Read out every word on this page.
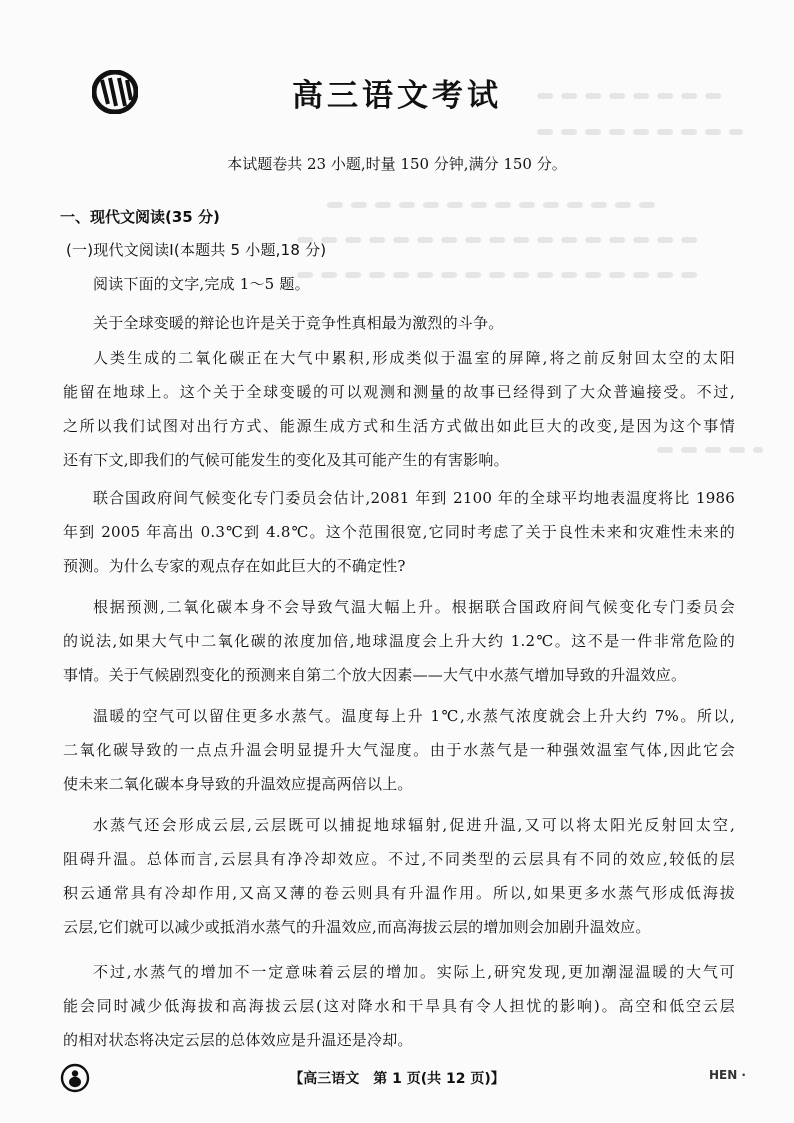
高三语文考试
本试题卷共 23 小题,时量 150 分钟,满分 150 分。
一、现代文阅读(35 分)
(一)现代文阅读Ⅰ(本题共 5 小题,18 分)
阅读下面的文字,完成 1～5 题。
关于全球变暖的辩论也许是关于竞争性真相最为激烈的斗争。
人类生成的二氧化碳正在大气中累积,形成类似于温室的屏障,将之前反射回太空的太阳
能留在地球上。这个关于全球变暖的可以观测和测量的故事已经得到了大众普遍接受。不过,
之所以我们试图对出行方式、能源生成方式和生活方式做出如此巨大的改变,是因为这个事情
还有下文,即我们的气候可能发生的变化及其可能产生的有害影响。
联合国政府间气候变化专门委员会估计,2081 年到 2100 年的全球平均地表温度将比 1986
年到 2005 年高出 0.3℃到 4.8℃。这个范围很宽,它同时考虑了关于良性未来和灾难性未来的
预测。为什么专家的观点存在如此巨大的不确定性?
根据预测,二氧化碳本身不会导致气温大幅上升。根据联合国政府间气候变化专门委员会
的说法,如果大气中二氧化碳的浓度加倍,地球温度会上升大约 1.2℃。这不是一件非常危险的
事情。关于气候剧烈变化的预测来自第二个放大因素——大气中水蒸气增加导致的升温效应。
温暖的空气可以留住更多水蒸气。温度每上升 1℃,水蒸气浓度就会上升大约 7%。所以,
二氧化碳导致的一点点升温会明显提升大气湿度。由于水蒸气是一种强效温室气体,因此它会
使未来二氧化碳本身导致的升温效应提高两倍以上。
水蒸气还会形成云层,云层既可以捕捉地球辐射,促进升温,又可以将太阳光反射回太空,
阻碍升温。总体而言,云层具有净冷却效应。不过,不同类型的云层具有不同的效应,较低的层
积云通常具有冷却作用,又高又薄的卷云则具有升温作用。所以,如果更多水蒸气形成低海拔
云层,它们就可以减少或抵消水蒸气的升温效应,而高海拔云层的增加则会加剧升温效应。
不过,水蒸气的增加不一定意味着云层的增加。实际上,研究发现,更加潮湿温暖的大气可
能会同时减少低海拔和高海拔云层(这对降水和干旱具有令人担忧的影响)。高空和低空云层
的相对状态将决定云层的总体效应是升温还是冷却。
【高三语文　第 1 页(共 12 页)】	HEN ·
